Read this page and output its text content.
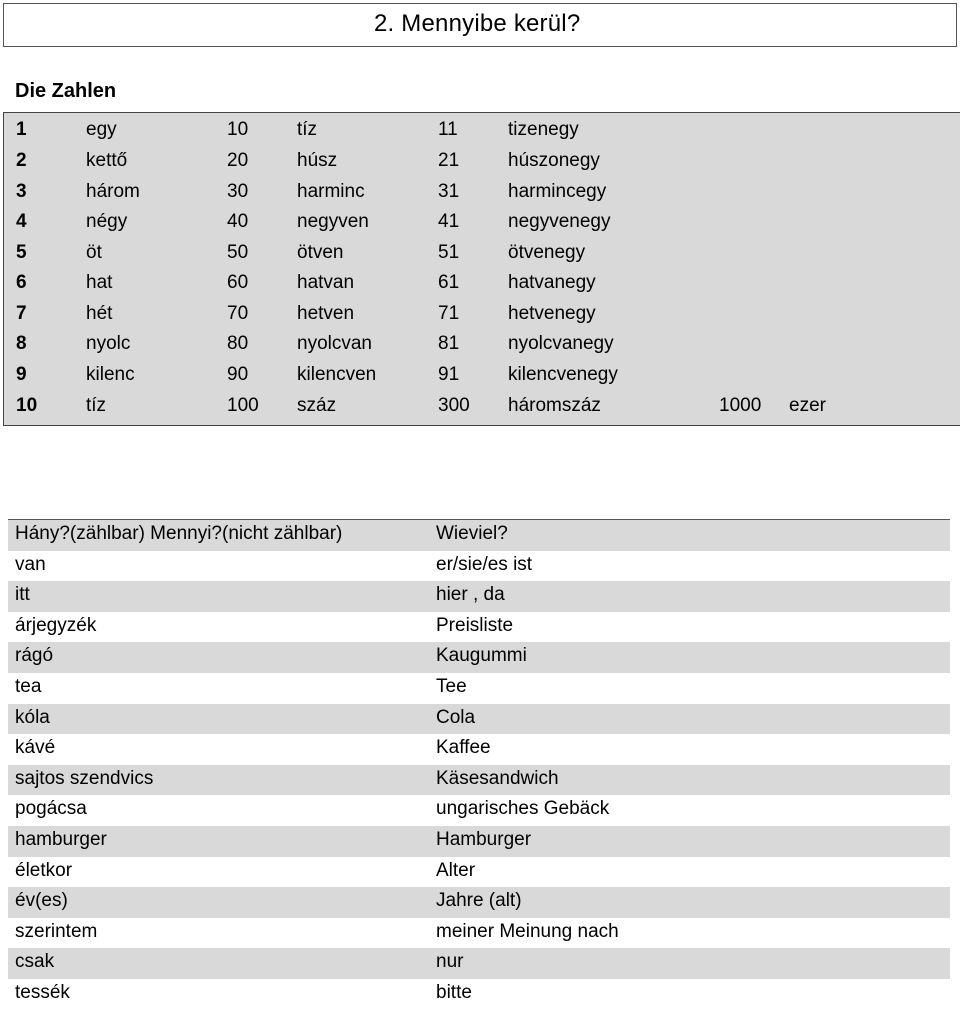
2. Mennyibe kerül?
Die Zahlen
1	egy	10	tíz	11	tizenegy
2	kettő	20	húsz	21	húszonegy
3	három	30	harminc	31	harmincegy
4	négy	40	negyven	41	negyvenegy
5	öt	50	ötven	51	ötvenegy
6	hat	60	hatvan	61	hatvanegy
7	hét	70	hetven	71	hetvenegy
8	nyolc	80	nyolcvan	81	nyolcvanegy
9	kilenc	90	kilencven	91	kilencvenegy
10	tíz	100 száz	300 háromszáz	1000 ezer
Hány?(zählbar) Mennyi?(nicht zählbar)	Wieviel?
van	er/sie/es ist
itt	hier , da
árjegyzék	Preisliste
rágó	Kaugummi
tea	Tee
kóla	Cola
kávé	Kaffee
sajtos szendvics	Käsesandwich
pogácsa	ungarisches Gebäck
hamburger	Hamburger
életkor	Alter
év(es)	Jahre (alt)
szerintem	meiner Meinung nach
csak	nur
tessék	bitte
